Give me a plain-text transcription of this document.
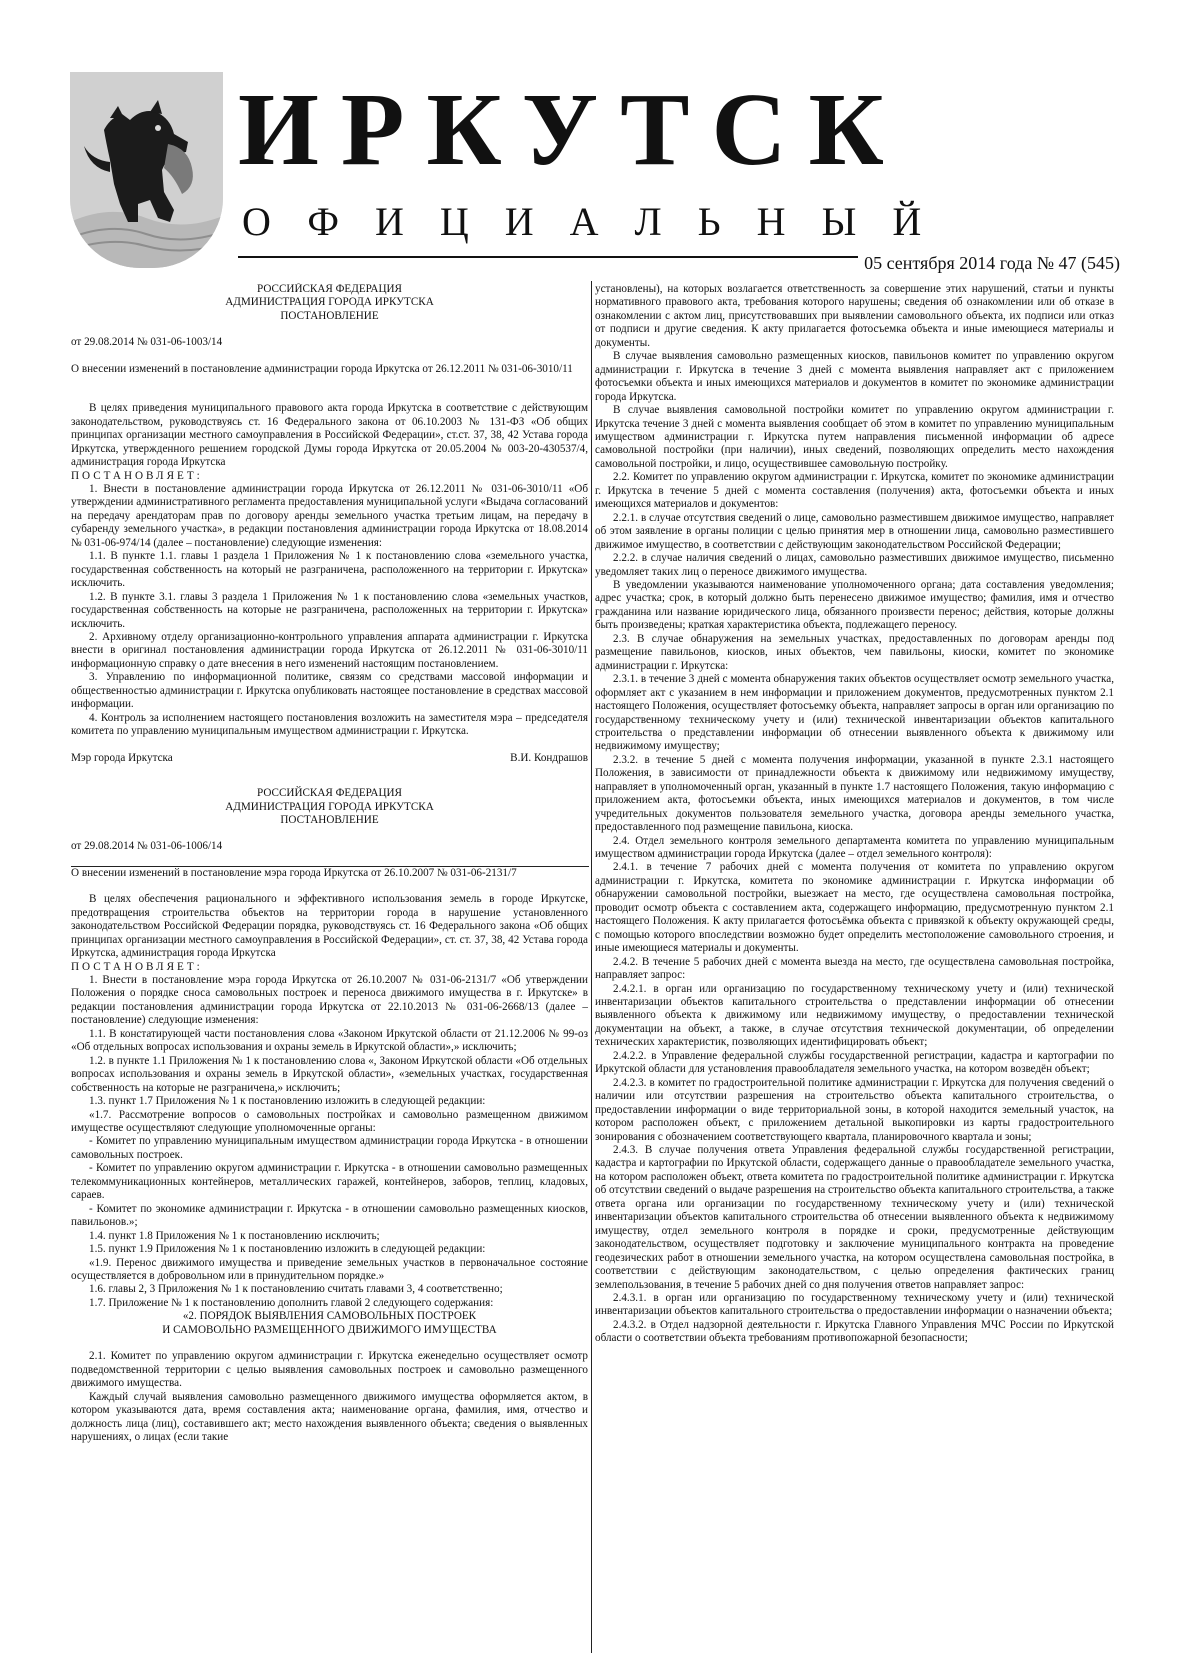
ИРКУТСК
ОФИЦИАЛЬНЫЙ
05 сентября 2014 года № 47 (545)

РОССИЙСКАЯ ФЕДЕРАЦИЯ

АДМИНИСТРАЦИЯ ГОРОДА ИРКУТСКА

ПОСТАНОВЛЕНИЕ

от 29.08.2014 № 031-06-1003/14

О внесении изменений в постановление администрации города Иркутска от 26.12.2011 № 031-06-3010/11

В целях приведения муниципального правового акта города Иркутска в соответствие с действующим законодательством, руководствуясь ст. 16 Федерального закона от 06.10.2003 № 131-ФЗ «Об общих принципах организации местного самоуправления в Российской Федерации», ст.ст. 37, 38, 42 Устава города Иркутска, утвержденного решением городской Думы города Иркутска от 20.05.2004 № 003-20-430537/4, администрация города Иркутска

ПОСТАНОВЛЯЕТ:

1. Внести в постановление администрации города Иркутска от 26.12.2011 № 031-06-3010/11 «Об утверждении административного регламента предоставления муниципальной услуги «Выдача согласований на передачу арендаторам прав по договору аренды земельного участка третьим лицам, на передачу в субаренду земельного участка», в редакции постановления администрации города Иркутска от 18.08.2014 № 031-06-974/14 (далее – постановление) следующие изменения:

1.1. В пункте 1.1. главы 1 раздела 1 Приложения № 1 к постановлению слова «земельного участка, государственная собственность на который не разграничена, расположенного на территории г. Иркутска» исключить.

1.2. В пункте 3.1. главы 3 раздела 1 Приложения № 1 к постановлению слова «земельных участков, государственная собственность на которые не разграничена, расположенных на территории г. Иркутска» исключить.

2. Архивному отделу организационно-контрольного управления аппарата администрации г. Иркутска внести в оригинал постановления администрации города Иркутска от 26.12.2011 № 031-06-3010/11 информационную справку о дате внесения в него изменений настоящим постановлением.

3. Управлению по информационной политике, связям со средствами массовой информации и общественностью администрации г. Иркутска опубликовать настоящее постановление в средствах массовой информации.

4. Контроль за исполнением настоящего постановления возложить на заместителя мэра – председателя комитета по управлению муниципальным имуществом администрации г. Иркутска.

Мэр города Иркутска	В.И. Кондрашов

РОССИЙСКАЯ ФЕДЕРАЦИЯ

АДМИНИСТРАЦИЯ ГОРОДА ИРКУТСКА

ПОСТАНОВЛЕНИЕ

от 29.08.2014 № 031-06-1006/14

О внесении изменений в постановление мэра города Иркутска от 26.10.2007 № 031-06-2131/7

В целях обеспечения рационального и эффективного использования земель в городе Иркутске, предотвращения строительства объектов на территории города в нарушение установленного законодательством Российской Федерации порядка, руководствуясь ст. 16 Федерального закона «Об общих принципах организации местного самоуправления в Российской Федерации», ст. ст. 37, 38, 42 Устава города Иркутска, администрация города Иркутска

ПОСТАНОВЛЯЕТ:

1. Внести в постановление мэра города Иркутска от 26.10.2007 № 031-06-2131/7 «Об утверждении Положения о порядке сноса самовольных построек и переноса движимого имущества в г. Иркутске» в редакции постановления администрации города Иркутска от 22.10.2013 № 031-06-2668/13 (далее – постановление) следующие изменения:

1.1. В констатирующей части постановления слова «Законом Иркутской области от 21.12.2006 № 99-оз «Об отдельных вопросах использования и охраны земель в Иркутской области»,» исключить;

1.2. в пункте 1.1 Приложения № 1 к постановлению слова «, Законом Иркутской области «Об отдельных вопросах использования и охраны земель в Иркутской области», «земельных участках, государственная собственность на которые не разграничена,» исключить;

1.3. пункт 1.7 Приложения № 1 к постановлению изложить в следующей редакции:

«1.7. Рассмотрение вопросов о самовольных постройках и самовольно размещенном движимом имуществе осуществляют следующие уполномоченные органы:

- Комитет по управлению муниципальным имуществом администрации города Иркутска - в отношении самовольных построек.

- Комитет по управлению округом администрации г. Иркутска - в отношении самовольно размещенных телекоммуникационных контейнеров, металлических гаражей, контейнеров, заборов, теплиц, кладовых, сараев.

- Комитет по экономике администрации г. Иркутска - в отношении самовольно размещенных киосков, павильонов.»;

1.4. пункт 1.8 Приложения № 1 к постановлению исключить;

1.5. пункт 1.9 Приложения № 1 к постановлению изложить в следующей редакции:

«1.9. Перенос движимого имущества и приведение земельных участков в первоначальное состояние осуществляется в добровольном или в принудительном порядке.»

1.6. главы 2, 3 Приложения № 1 к постановлению считать главами 3, 4 соответственно;

1.7. Приложение № 1 к постановлению дополнить главой 2 следующего содержания:

«2. ПОРЯДОК ВЫЯВЛЕНИЯ САМОВОЛЬНЫХ ПОСТРОЕК

И САМОВОЛЬНО РАЗМЕЩЕННОГО ДВИЖИМОГО ИМУЩЕСТВА

2.1. Комитет по управлению округом администрации г. Иркутска еженедельно осуществляет осмотр подведомственной территории с целью выявления самовольных построек и самовольно размещенного движимого имущества.

Каждый случай выявления самовольно размещенного движимого имущества оформляется актом, в котором указываются дата, время составления акта; наименование органа, фамилия, имя, отчество и должность лица (лиц), составившего акт; место нахождения выявленного объекта; сведения о выявленных нарушениях, о лицах (если такие

установлены), на которых возлагается ответственность за совершение этих нарушений, статьи и пункты нормативного правового акта, требования которого нарушены; сведения об ознакомлении или об отказе в ознакомлении с актом лиц, присутствовавших при выявлении самовольного объекта, их подписи или отказ от подписи и другие сведения. К акту прилагается фотосъемка объекта и иные имеющиеся материалы и документы.

В случае выявления самовольно размещенных киосков, павильонов комитет по управлению округом администрации г. Иркутска в течение 3 дней с момента выявления направляет акт с приложением фотосъемки объекта и иных имеющихся материалов и документов в комитет по экономике администрации города Иркутска.

В случае выявления самовольной постройки комитет по управлению округом администрации г. Иркутска течение 3 дней с момента выявления сообщает об этом в комитет по управлению муниципальным имуществом администрации г. Иркутска путем направления письменной информации об адресе самовольной постройки (при наличии), иных сведений, позволяющих определить место нахождения самовольной постройки, и лицо, осуществившее самовольную постройку.

2.2. Комитет по управлению округом администрации г. Иркутска, комитет по экономике администрации г. Иркутска в течение 5 дней с момента составления (получения) акта, фотосъемки объекта и иных имеющихся материалов и документов:

2.2.1. в случае отсутствия сведений о лице, самовольно разместившем движимое имущество, направляет об этом заявление в органы полиции с целью принятия мер в отношении лица, самовольно разместившего движимое имущество, в соответствии с действующим законодательством Российской Федерации;

2.2.2. в случае наличия сведений о лицах, самовольно разместивших движимое имущество, письменно уведомляет таких лиц о переносе движимого имущества.

В уведомлении указываются наименование уполномоченного органа; дата составления уведомления; адрес участка; срок, в который должно быть перенесено движимое имущество; фамилия, имя и отчество гражданина или название юридического лица, обязанного произвести перенос; действия, которые должны быть произведены; краткая характеристика объекта, подлежащего переносу.

2.3. В случае обнаружения на земельных участках, предоставленных по договорам аренды под размещение павильонов, киосков, иных объектов, чем павильоны, киоски, комитет по экономике администрации г. Иркутска:

2.3.1. в течение 3 дней с момента обнаружения таких объектов осуществляет осмотр земельного участка, оформляет акт с указанием в нем информации и приложением документов, предусмотренных пунктом 2.1 настоящего Положения, осуществляет фотосъемку объекта, направляет запросы в орган или организацию по государственному техническому учету и (или) технической инвентаризации объектов капитального строительства о представлении информации об отнесении выявленного объекта к движимому или недвижимому имуществу;

2.3.2. в течение 5 дней с момента получения информации, указанной в пункте 2.3.1 настоящего Положения, в зависимости от принадлежности объекта к движимому или недвижимому имуществу, направляет в уполномоченный орган, указанный в пункте 1.7 настоящего Положения, такую информацию с приложением акта, фотосъемки объекта, иных имеющихся материалов и документов, в том числе учредительных документов пользователя земельного участка, договора аренды земельного участка, предоставленного под размещение павильона, киоска.

2.4. Отдел земельного контроля земельного департамента комитета по управлению муниципальным имуществом администрации города Иркутска (далее – отдел земельного контроля):

2.4.1. в течение 7 рабочих дней с момента получения от комитета по управлению округом администрации г. Иркутска, комитета по экономике администрации г. Иркутска информации об обнаружении самовольной постройки, выезжает на место, где осуществлена самовольная постройка, проводит осмотр объекта с составлением акта, содержащего информацию, предусмотренную пунктом 2.1 настоящего Положения. К акту прилагается фотосъёмка объекта с привязкой к объекту окружающей среды, с помощью которого впоследствии возможно будет определить местоположение самовольного строения, и иные имеющиеся материалы и документы.

2.4.2. В течение 5 рабочих дней с момента выезда на место, где осуществлена самовольная постройка, направляет запрос:

2.4.2.1. в орган или организацию по государственному техническому учету и (или) технической инвентаризации объектов капитального строительства о представлении информации об отнесении выявленного объекта к движимому или недвижимому имуществу, о предоставлении технической документации на объект, а также, в случае отсутствия технической документации, об определении технических характеристик, позволяющих идентифицировать объект;

2.4.2.2. в Управление федеральной службы государственной регистрации, кадастра и картографии по Иркутской области для установления правообладателя земельного участка, на котором возведён объект;

2.4.2.3. в комитет по градостроительной политике администрации г. Иркутска для получения сведений о наличии или отсутствии разрешения на строительство объекта капитального строительства, о предоставлении информации о виде территориальной зоны, в которой находится земельный участок, на котором расположен объект, с приложением детальной выкопировки из карты градостроительного зонирования с обозначением соответствующего квартала, планировочного квартала и зоны;

2.4.3. В случае получения ответа Управления федеральной службы государственной регистрации, кадастра и картографии по Иркутской области, содержащего данные о правообладателе земельного участка, на котором расположен объект, ответа комитета по градостроительной политике администрации г. Иркутска об отсутствии сведений о выдаче разрешения на строительство объекта капитального строительства, а также ответа органа или организации по государственному техническому учету и (или) технической инвентаризации объектов капитального строительства об отнесении выявленного объекта к недвижимому имуществу, отдел земельного контроля в порядке и сроки, предусмотренные действующим законодательством, осуществляет подготовку и заключение муниципального контракта на проведение геодезических работ в отношении земельного участка, на котором осуществлена самовольная постройка, в соответствии с действующим законодательством, с целью определения фактических границ землепользования, в течение 5 рабочих дней со дня получения ответов направляет запрос:

2.4.3.1. в орган или организацию по государственному техническому учету и (или) технической инвентаризации объектов капитального строительства о предоставлении информации о назначении объекта;

2.4.3.2. в Отдел надзорной деятельности г. Иркутска Главного Управления МЧС России по Иркутской области о соответствии объекта требованиям противопожарной безопасности;
